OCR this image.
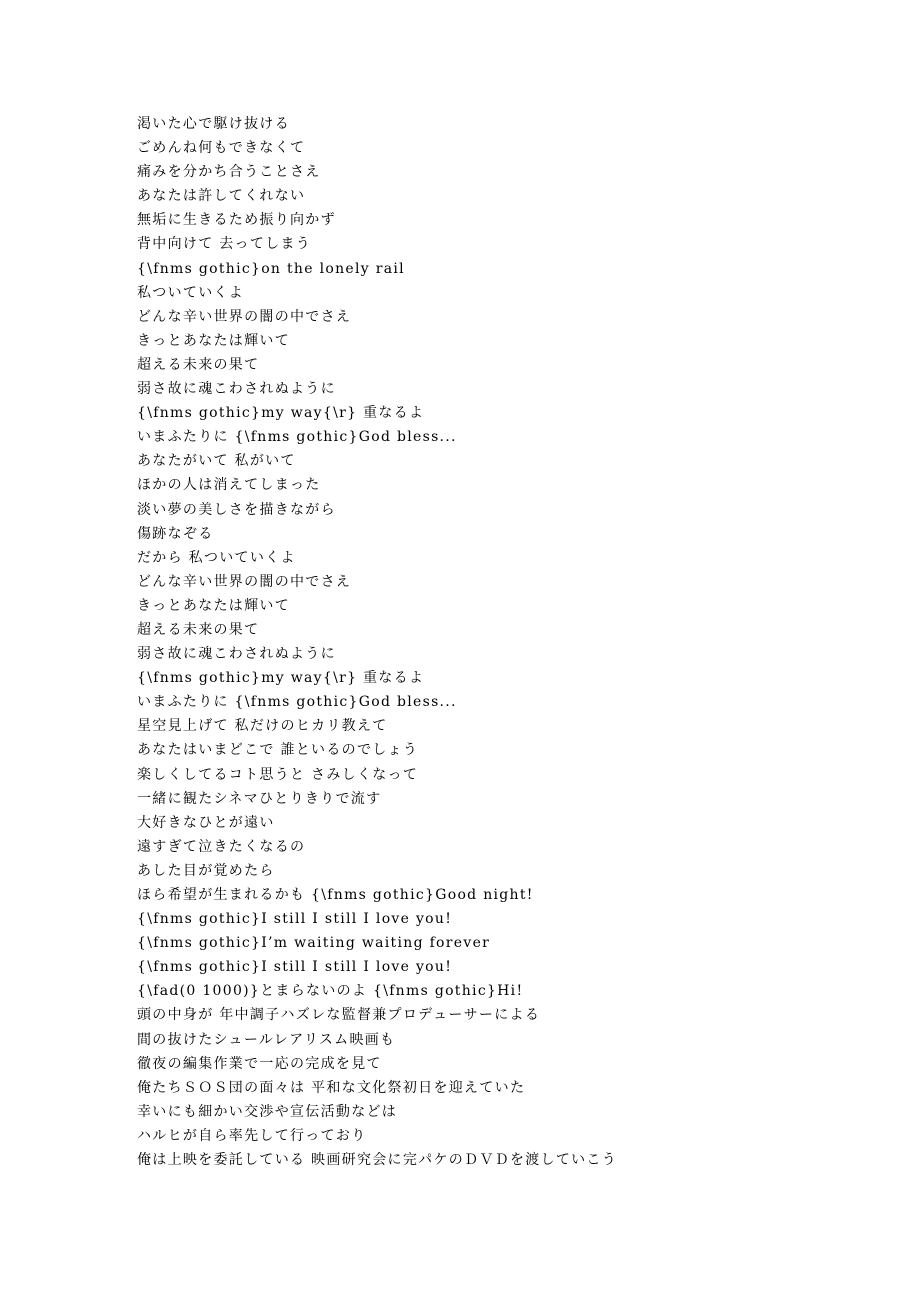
渇いた心で駆け抜ける
ごめんね何もできなくて
痛みを分かち合うことさえ
あなたは許してくれない
無垢に生きるため振り向かず
背中向けて 去ってしまう
{\fnms gothic}on the lonely rail
私ついていくよ
どんな辛い世界の闇の中でさえ
きっとあなたは輝いて
超える未来の果て
弱さ故に魂こわされぬように
{\fnms gothic}my way{\r} 重なるよ
いまふたりに {\fnms gothic}God bless...
あなたがいて 私がいて
ほかの人は消えてしまった
淡い夢の美しさを描きながら
傷跡なぞる
だから 私ついていくよ
どんな辛い世界の闇の中でさえ
きっとあなたは輝いて
超える未来の果て
弱さ故に魂こわされぬように
{\fnms gothic}my way{\r} 重なるよ
いまふたりに {\fnms gothic}God bless...
星空見上げて 私だけのヒカリ教えて
あなたはいまどこで 誰といるのでしょう
楽しくしてるコト思うと さみしくなって
一緒に観たシネマひとりきりで流す
大好きなひとが遠い
遠すぎて泣きたくなるの
あした目が覚めたら
ほら希望が生まれるかも {\fnms gothic}Good night!
{\fnms gothic}I still I still I love you!
{\fnms gothic}I’m waiting waiting forever
{\fnms gothic}I still I still I love you!
{\fad(0 1000)}とまらないのよ {\fnms gothic}Hi!
頭の中身が 年中調子ハズレな監督兼プロデューサーによる
間の抜けたシュールレアリスム映画も
徹夜の編集作業で一応の完成を見て
俺たちＳＯＳ団の面々は 平和な文化祭初日を迎えていた
幸いにも細かい交渉や宣伝活動などは
ハルヒが自ら率先して行っており
俺は上映を委託している 映画研究会に完パケのＤＶＤを渡していこう
